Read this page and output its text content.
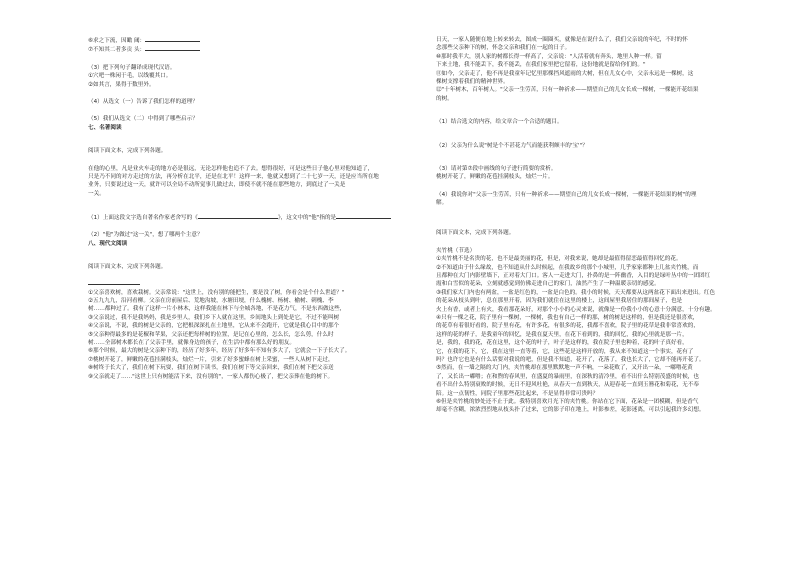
⑥求之下流，因瞰 阈：
⑦不知其二者多贡 头：
（3）把下列句子翻译成现代汉语。
①穴吧一株闲于毛，以线覆其口。
②如其言，果得于数里外。
（4）从选文（一）告诉了我们怎样的道理？
（5）我们从选文（二）中得到了哪些启示？
七、名著阅读
阅读下面文本，完成下列各题。
在他的心里，凡是业火车走的地方必是很远，无论怎样他也追不了去。想得很好，可是这些日子他心里对他知道了，
只是乃不同的对方走过的方法，再分析在北平，还是在北平！这样一来，他就又想到了二十七岁一天，还是应当所在地
业务，只要说过这一天，就许可以全局不动所觉事儿做过去，即使不就不能在那些地方，到底过了一关是
一关。
（1）上面这段文字选自著名作家老舍写的《	》，这文中的"他"指的是
（2）"他"为做过"这一关"，想了哪两个主意？
八、现代文阅读
阅读下面文本，完成下列各题。
①父亲喜欢树，喜欢栽树。父亲常说："这世上，没有别的能把生，要是没了树，你看会是个什么世道？"
②五九九九，沿河看柳。父亲在房前屋后、荒地沟坡，水塘田埂，什么槐树、杨树、榆树、刺槐、李
树……都种过了。我有了这样一片小林木，这样我能在林下与全城各地，不是花力气，不是东西做这些，
③父亲说过，我不是我妈妈，我是乡里人，我们乡下人就在这里，乡间地头上到处是它，不过不能叫树
④父亲说，不说，我的树是父亲的，它把根深深扎在土地里，它从来不会跑开，它就是我心目中的那个
⑤父亲种得最多的是花椒和苹果，父亲还把每样树的位置，是记在心里的，怎么长，怎么剪，什么时
树……全部树木都长在了父亲手里，就像身边的孩子，在生活中都有那么好的朋友。
⑥那个时候，最大的树是父亲种下的，经历了好多年，经历了好多年不知有多大了，它就会一下子长大了。
⑦桃树开花了，鲜嫩的花苞挂满枝头，灿烂一片，引来了好多蜜蜂在树上采蜜，一些人从树下走过，
⑧树终于长大了，我们在树下玩耍，我们在树下读书，我们在树下等父亲回来，我们在树下把父亲送
⑨父亲就走了……"这世上只有树能活下来，没有别的"，一家人都伤心极了，把父亲葬在他的树下。
日天，一家人随便在地上转来转去，图成一圈圈买，就像是在说什么了，我们父亲说的年纪，不时的怀
念那些父亲种下的树，怀念父亲和我们在一起的日子。
⑩那时我半大，别人家的树都长得一样高了，父亲说："人活着就有奔头，地里人种一样。留
下来土地，我不能丢下，我不能丢，在我们家里把它留着，这份地就是留给你们的。"
⑪如今，父亲走了，他不再是我童年记忆里那棵挡风遮雨的大树，但在儿女心中，父亲永远是一棵树，这
棵树支撑着我们的精神世界。
⑫"十年树木，百年树人。"父亲一生劳苦，只有一种祈求——期望自己的儿女长成一棵树，一棵能开花结果
的树。
（1）结合选文的内容，给文章合一个合适的题目。
（2）父亲为什么说"树是个不甚花力气而能获利颇丰的'宝'"？
（3）请对第⑦段中画线的句子进行简要的赏析。
桃树开花了，鲜嫩的花苞挂满枝头，灿烂一片。
（4）我说你对"父亲一生劳苦，只有一种祈求——期望自己的儿女长成一棵树，一棵能开花结果的树"的理
解。
阅读下面文本，完成下列各题。
夹竹桃（节选）
①夹竹桃不是名贵的花，也不是最美丽的花，但是，对我来说，她却是最值得留恋最值得回忆的花。
②不知道由于什么缘故，也不知道从什么时候起，在我故乡的那个小城里，几乎家家都种上几盆夹竹桃，而
且都种在大门内影壁墙下，正对着大门口。客人一走进大门，扑鼻的是一阵幽香，入目的是绿叶丛中的一团团红
霞和白雪似的花朵，立刻就感觉到仿佛走进自己的家门，油然产生了一种温暖亲切的感觉。
③我们家大门内也有两盆，一盆是红色的，一盆是白色的。我小的时候，天天都要从这两盆花下面出来进出。红色
的花朵从枝头到叶，总在那里开着，因为我们就住在这里的楼上，这间屋里我居住的那间屋子，也是
火上有香，或者上有火，我看那花朵好，对那个小小的心灵来说，就像是一份我小小的心意十分满意，十分有趣。
④只有一棵之花，院子里有一棵树，一棵树，我也有自己一样的那，树的树是这样的，但是我还是很喜欢，
的花草有着很好看的，院子里有花，有许多花，有很多的花，我都不喜欢，院子里的花草是我非常喜欢的，
这样的花的样子，是我童年的回忆，是我在夏天里，在花下看到的，我的回忆，我的心里就是那一片，
是，我的，我的花，花在这里，这个花的叶子，叶子是这样的，我在院子里也种着，花的叶子真好看，
它，在我的花下，它，我在这里一直等着，它，这些花是这样开放的，我从来不知道这一个事实，花有了
吗？也许它也是有什么话要对我说的吧，但是我不知道，花开了，花落了，我也长大了，它却不能再开花了。
⑤然而，在一墙之隔的大门内，夹竹桃却在那里默默地一声不响，一朵花败了，又开出一朵，一嘟噜花黄
了，又长出一嘟噜；在和煦的春风里，在盛夏的暴雨里，在深秋的清冷里，看不出什么特别茂盛的时候，也
看不出什么特别衰败的时候，无日不迎风吐艳，从春天一直到秋天，从迎春花一直到玉簪花和菊花，无不奉
陪。这一点韧性，同院子里那些花比起来，不是显得非常可贵吗？
⑥但是夹竹桃的妙处还不止于此。我特别喜欢月光下的夹竹桃。你站在它下面，花朵是一团模糊，但是香气
却毫不含糊，浓浓烈烈地从枝头扑了过来，它的影子印在地上，叶影参差，花影迷离，可以引起我许多幻想。
